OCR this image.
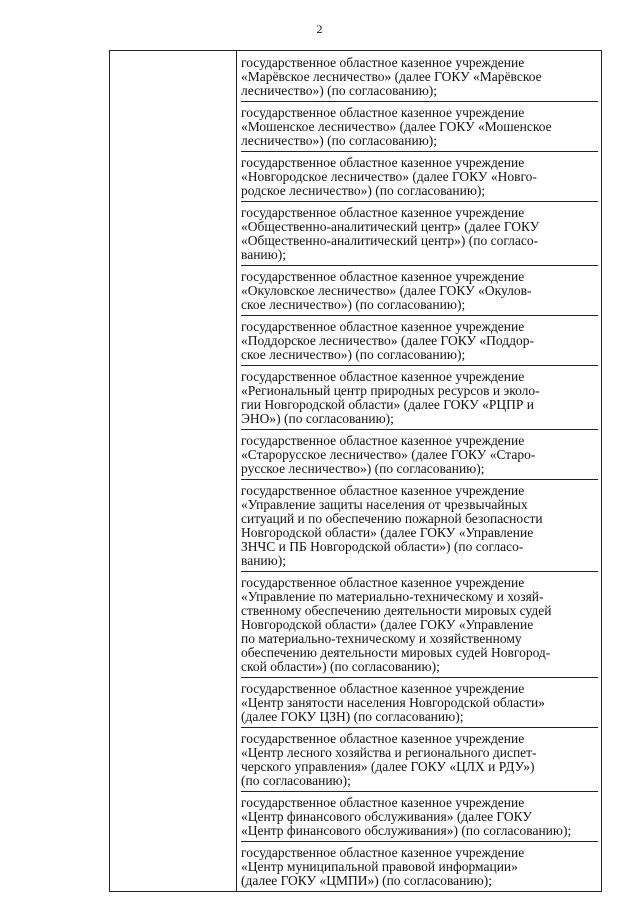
2

государственное областное казенное учреждение
«Марёвское лесничество» (далее ГОКУ «Марёвское
лесничество») (по согласованию);
государственное областное казенное учреждение
«Мошенское лесничество» (далее ГОКУ «Мошенское
лесничество») (по согласованию);
государственное областное казенное учреждение
«Новгородское лесничество» (далее ГОКУ «Новго-
родское лесничество») (по согласованию);
государственное областное казенное учреждение
«Общественно-аналитический центр» (далее ГОКУ
«Общественно-аналитический центр») (по согласо-
ванию);
государственное областное казенное учреждение
«Окуловское лесничество» (далее ГОКУ «Окулов-
ское лесничество») (по согласованию);
государственное областное казенное учреждение
«Поддорское лесничество» (далее ГОКУ «Поддор-
ское лесничество») (по согласованию);
государственное областное казенное учреждение
«Региональный центр природных ресурсов и эколо-
гии Новгородской области» (далее ГОКУ «РЦПР и
ЭНО») (по согласованию);
государственное областное казенное учреждение
«Старорусское лесничество» (далее ГОКУ «Старо-
русское лесничество») (по согласованию);
государственное областное казенное учреждение
«Управление защиты населения от чрезвычайных
ситуаций и по обеспечению пожарной безопасности
Новгородской области» (далее ГОКУ «Управление
ЗНЧС и ПБ Новгородской области») (по согласо-
ванию);
государственное областное казенное учреждение
«Управление по материально-техническому и хозяй-
ственному обеспечению деятельности мировых судей
Новгородской области» (далее ГОКУ «Управление
по материально-техническому и хозяйственному
обеспечению деятельности мировых судей Новгород-
ской области») (по согласованию);
государственное областное казенное учреждение
«Центр занятости населения Новгородской области»
(далее ГОКУ ЦЗН) (по согласованию);
государственное областное казенное учреждение
«Центр лесного хозяйства и регионального диспет-
черского управления» (далее ГОКУ «ЦЛХ и РДУ»)
(по согласованию);
государственное областное казенное учреждение
«Центр финансового обслуживания» (далее ГОКУ
«Центр финансового обслуживания») (по согласованию);
государственное областное казенное учреждение
«Центр муниципальной правовой информации»
(далее ГОКУ «ЦМПИ») (по согласованию);
